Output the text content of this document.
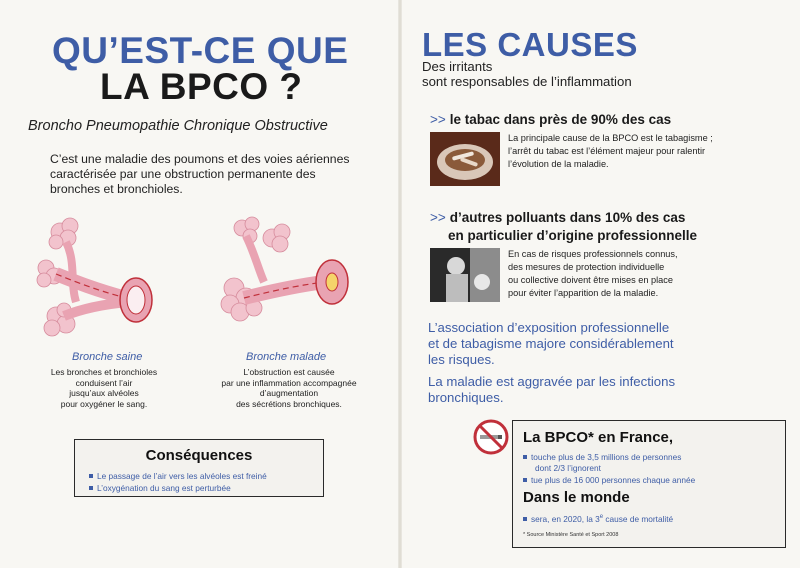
QU’EST-CE QUE
LA BPCO ?
Broncho Pneumopathie Chronique Obstructive
C’est une maladie des poumons et des voies aériennes caractérisée par une obstruction permanente des bronches et bronchioles.
Bronche saine
Les bronches et bronchioles
conduisent l’air
jusqu’aux alvéoles
pour oxygéner le sang.
Bronche malade
L’obstruction est causée
par une inflammation accompagnée
d’augmentation
des sécrétions bronchiques.
Conséquences
Le passage de l’air vers les alvéoles est freiné
L’oxygénation du sang est perturbée
LES CAUSES
Des irritants
sont responsables de l’inflammation
>> le tabac dans près de 90% des cas
La principale cause de la BPCO est le tabagisme ;
l’arrêt du tabac est l’élément majeur pour ralentir
l’évolution de la maladie.
>> d’autres polluants dans 10% des cas
en particulier d’origine professionnelle
En cas de risques professionnels connus,
des mesures de protection individuelle
ou collective doivent être mises en place
pour éviter l’apparition de la maladie.
L’association d’exposition professionnelle
et de tabagisme majore considérablement
les risques.
La maladie est aggravée par les infections
bronchiques.
La BPCO* en France,
touche plus de 3,5 millions de personnes
dont 2/3 l’ignorent
tue plus de 16 000 personnes chaque année
Dans le monde
sera, en 2020, la 3e cause de mortalité
* Source Ministère Santé et Sport 2008
